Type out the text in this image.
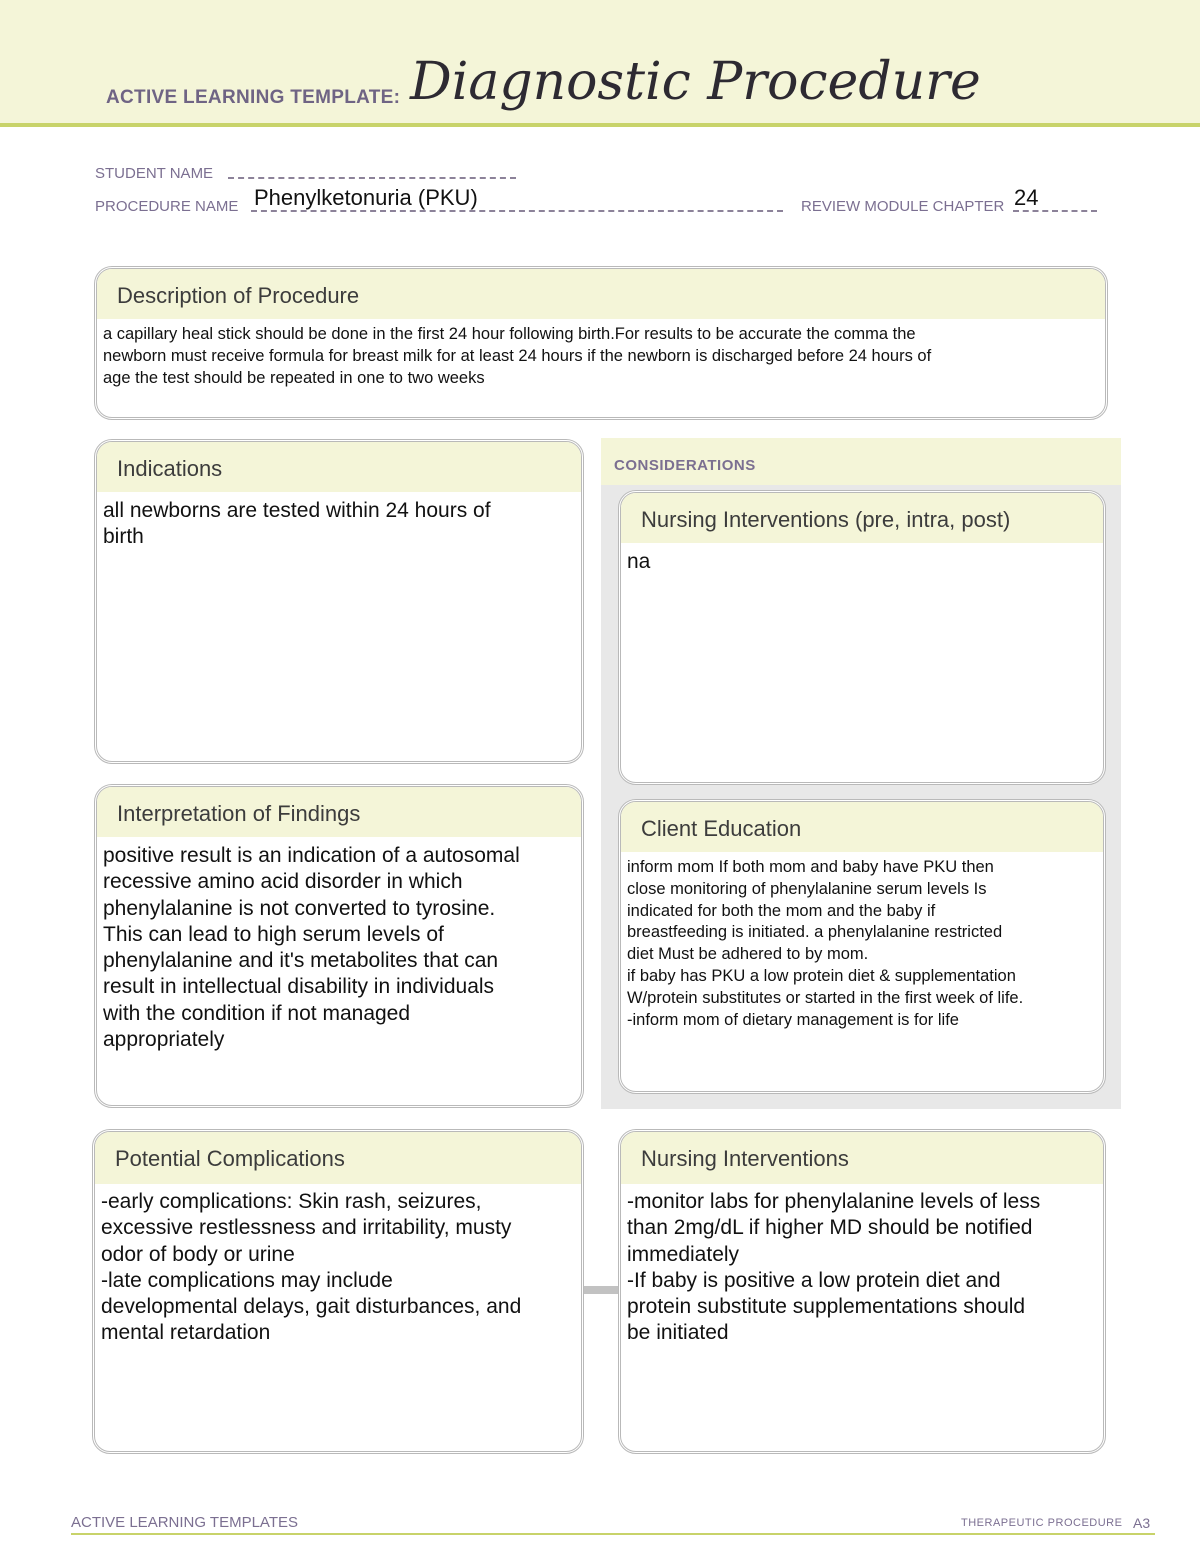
ACTIVE LEARNING TEMPLATE: Diagnostic Procedure
STUDENT NAME
PROCEDURE NAME Phenylketonuria (PKU)	REVIEW MODULE CHAPTER 24
Description of Procedure
a capillary heal stick should be done in the first 24 hour following birth.For results to be accurate the comma the
newborn must receive formula for breast milk for at least 24 hours if the newborn is discharged before 24 hours of
age the test should be repeated in one to two weeks
Indications
all newborns are tested within 24 hours of
birth
Interpretation of Findings
positive result is an indication of a autosomal
recessive amino acid disorder in which
phenylalanine is not converted to tyrosine.
This can lead to high serum levels of
phenylalanine and it's metabolites that can
result in intellectual disability in individuals
with the condition if not managed
appropriately
CONSIDERATIONS
Nursing Interventions (pre, intra, post)
na
Client Education
inform mom If both mom and baby have PKU then
close monitoring of phenylalanine serum levels Is
indicated for both the mom and the baby if
breastfeeding is initiated. a phenylalanine restricted
diet Must be adhered to by mom.
if baby has PKU a low protein diet & supplementation
W/protein substitutes or started in the first week of life.
-inform mom of dietary management is for life
Potential Complications
-early complications: Skin rash, seizures,
excessive restlessness and irritability, musty
odor of body or urine
-late complications may include
developmental delays, gait disturbances, and
mental retardation
Nursing Interventions
-monitor labs for phenylalanine levels of less
than 2mg/dL if higher MD should be notified
immediately
-If baby is positive a low protein diet and
protein substitute supplementations should
be initiated
ACTIVE LEARNING TEMPLATES	THERAPEUTIC PROCEDURE A3
